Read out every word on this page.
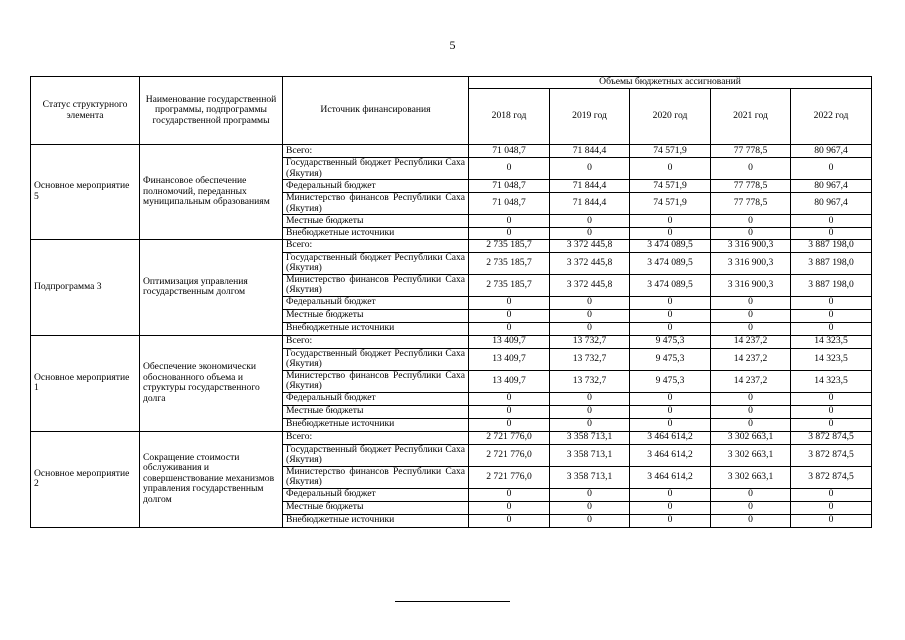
5
Статус структурного элемента	Наименование государственной программы, подпрограммы государственной программы	Источник финансирования	Объемы бюджетных ассигнований				
			2018 год	2019 год	2020 год	2021 год	2022 год
Основное мероприятие 5	Финансовое обеспечение полномочий, переданных муниципальным образованиям	Всего:	71 048,7	71 844,4	74 571,9	77 778,5	80 967,4
		Государственный бюджет Республики Саха (Якутия)	0	0	0	0	0
		Федеральный бюджет	71 048,7	71 844,4	74 571,9	77 778,5	80 967,4
		Министерство финансов Республики Саха (Якутия)	71 048,7	71 844,4	74 571,9	77 778,5	80 967,4
		Местные бюджеты	0	0	0	0	0
		Внебюджетные источники	0	0	0	0	0
Подпрограмма 3	Оптимизация управления государственным долгом	Всего:	2 735 185,7	3 372 445,8	3 474 089,5	3 316 900,3	3 887 198,0
		Государственный бюджет Республики Саха (Якутия)	2 735 185,7	3 372 445,8	3 474 089,5	3 316 900,3	3 887 198,0
		Министерство финансов Республики Саха (Якутия)	2 735 185,7	3 372 445,8	3 474 089,5	3 316 900,3	3 887 198,0
		Федеральный бюджет	0	0	0	0	0
		Местные бюджеты	0	0	0	0	0
		Внебюджетные источники	0	0	0	0	0
Основное мероприятие 1	Обеспечение экономически обоснованного объема и структуры государственного долга	Всего:	13 409,7	13 732,7	9 475,3	14 237,2	14 323,5
		Государственный бюджет Республики Саха (Якутия)	13 409,7	13 732,7	9 475,3	14 237,2	14 323,5
		Министерство финансов Республики Саха (Якутия)	13 409,7	13 732,7	9 475,3	14 237,2	14 323,5
		Федеральный бюджет	0	0	0	0	0
		Местные бюджеты	0	0	0	0	0
		Внебюджетные источники	0	0	0	0	0
Основное мероприятие 2	Сокращение стоимости обслуживания и совершенствование механизмов управления государственным долгом	Всего:	2 721 776,0	3 358 713,1	3 464 614,2	3 302 663,1	3 872 874,5
		Государственный бюджет Республики Саха (Якутия)	2 721 776,0	3 358 713,1	3 464 614,2	3 302 663,1	3 872 874,5
		Министерство финансов Республики Саха (Якутия)	2 721 776,0	3 358 713,1	3 464 614,2	3 302 663,1	3 872 874,5
		Федеральный бюджет	0	0	0	0	0
		Местные бюджеты	0	0	0	0	0
		Внебюджетные источники	0	0	0	0	0
